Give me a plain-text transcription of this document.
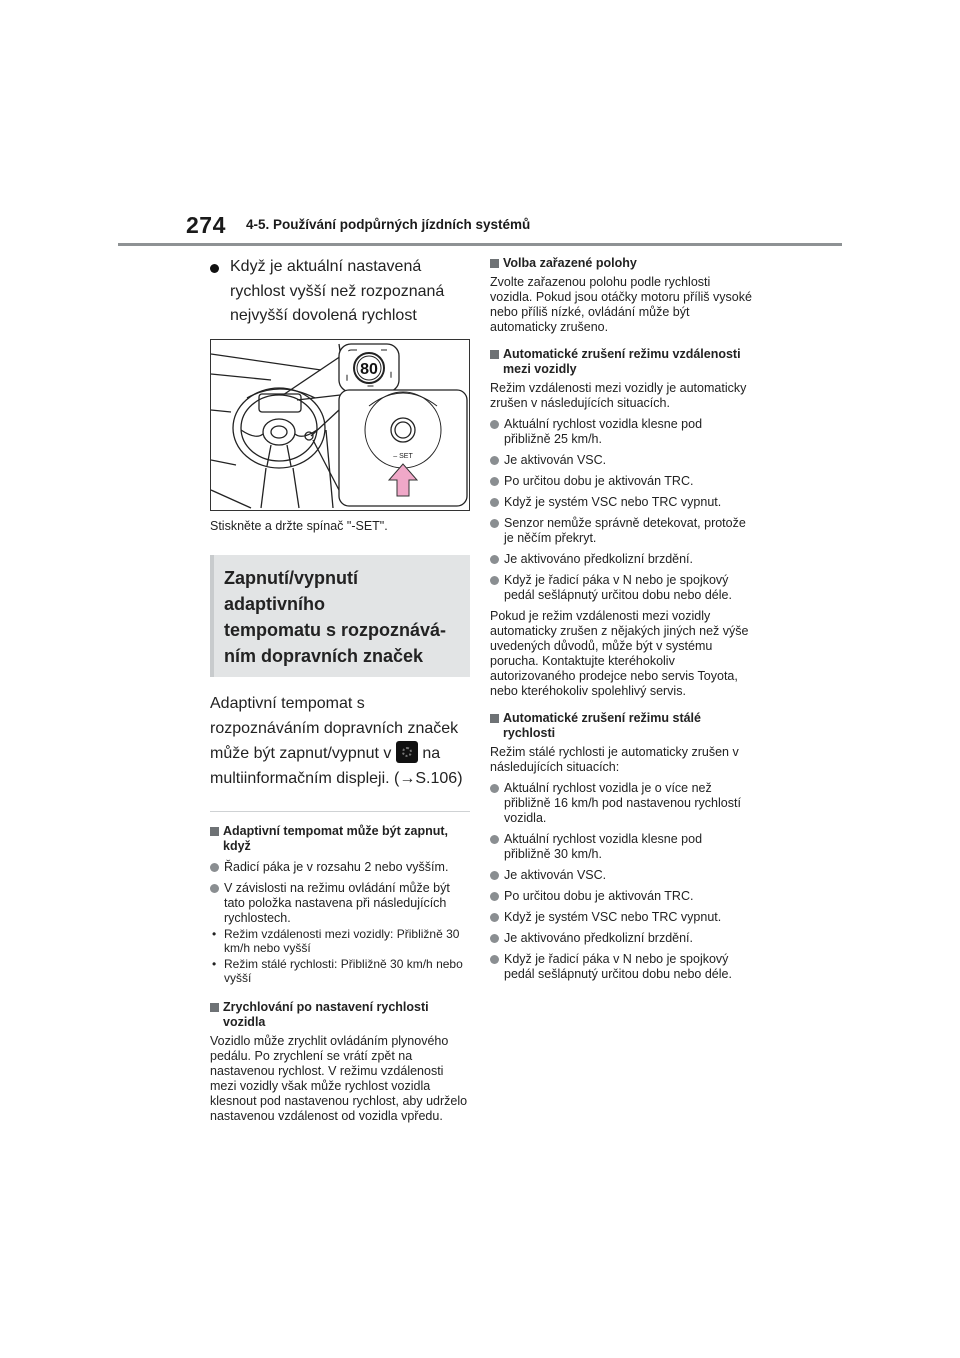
274 4-5. Používání podpůrných jízdních systémů
Když je aktuální nastavená rychlost vyšší než rozpoznaná nejvyšší dovolená rychlost
80
– SET
Stiskněte a držte spínač "-SET".
Zapnutí/vypnutí adaptivního
tempomatu s rozpoznává-
ním dopravních značek
Adaptivní tempomat s rozpoznáváním dopravních značek může být zapnut/vypnut v  na multiinformačním displeji. (→S.106)
Adaptivní tempomat může být zapnut, když
Řadicí páka je v rozsahu 2 nebo vyšším.
V závislosti na režimu ovládání může být tato položka nastavena při následujících rychlostech.
• Režim vzdálenosti mezi vozidly: Přibližně 30 km/h nebo vyšší
• Režim stálé rychlosti: Přibližně 30 km/h nebo vyšší
Zrychlování po nastavení rychlosti vozidla
Vozidlo může zrychlit ovládáním plynového pedálu. Po zrychlení se vrátí zpět na nastavenou rychlost. V režimu vzdálenosti mezi vozidly však může rychlost vozidla klesnout pod nastavenou rychlost, aby udrželo nastavenou vzdálenost od vozidla vpředu.
Volba zařazené polohy
Zvolte zařazenou polohu podle rychlosti vozidla. Pokud jsou otáčky motoru příliš vysoké nebo příliš nízké, ovládání může být automaticky zrušeno.
Automatické zrušení režimu vzdálenosti mezi vozidly
Režim vzdálenosti mezi vozidly je automaticky zrušen v následujících situacích.
Aktuální rychlost vozidla klesne pod přibližně 25 km/h.
Je aktivován VSC.
Po určitou dobu je aktivován TRC.
Když je systém VSC nebo TRC vypnut.
Senzor nemůže správně detekovat, protože je něčím překryt.
Je aktivováno předkolizní brzdění.
Když je řadicí páka v N nebo je spojkový pedál sešlápnutý určitou dobu nebo déle.
Pokud je režim vzdálenosti mezi vozidly automaticky zrušen z nějakých jiných než výše uvedených důvodů, může být v systému porucha. Kontaktujte kteréhokoliv autorizovaného prodejce nebo servis Toyota, nebo kteréhokoliv spolehlivý servis.
Automatické zrušení režimu stálé rychlosti
Režim stálé rychlosti je automaticky zrušen v následujících situacích:
Aktuální rychlost vozidla je o více než přibližně 16 km/h pod nastavenou rychlostí vozidla.
Aktuální rychlost vozidla klesne pod přibližně 30 km/h.
Je aktivován VSC.
Po určitou dobu je aktivován TRC.
Když je systém VSC nebo TRC vypnut.
Je aktivováno předkolizní brzdění.
Když je řadicí páka v N nebo je spojkový pedál sešlápnutý určitou dobu nebo déle.
